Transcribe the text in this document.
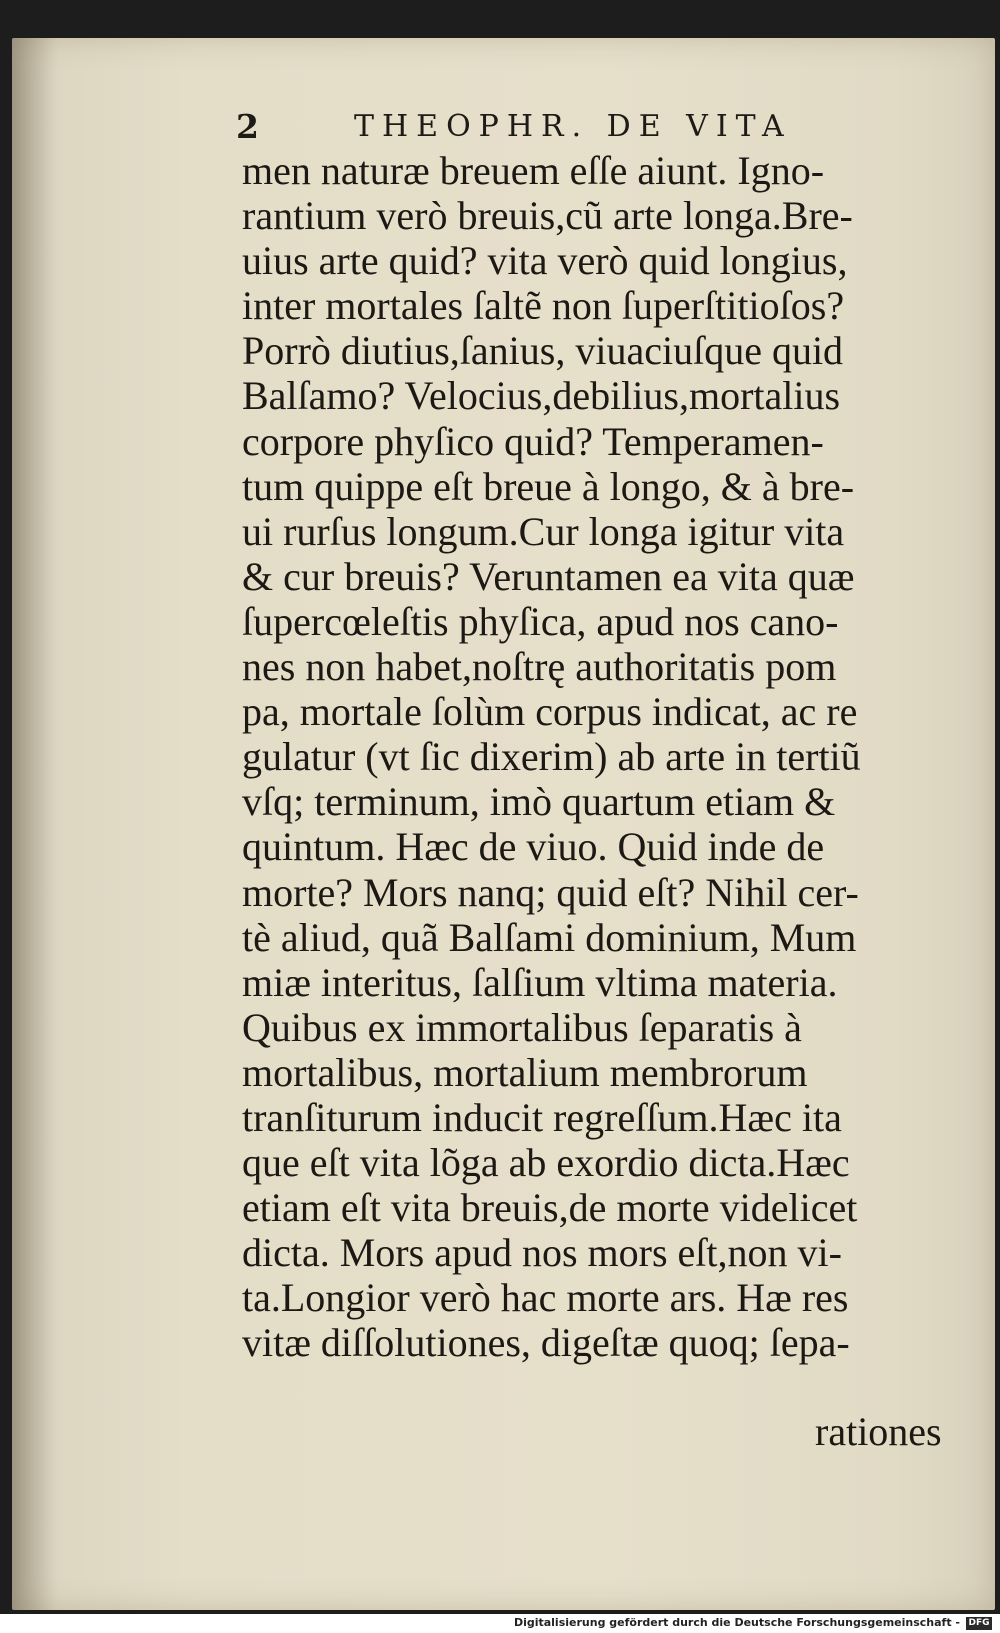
2	THEOPHR. DE VITA
men naturæ breuem eſſe aiunt. Igno-
rantium verò breuis,cũ arte longa.Bre-
uius arte quid? vita verò quid longius,
inter mortales ſaltẽ non ſuperſtitioſos?
Porrò diutius,ſanius, viuaciuſque quid
Balſamo? Velocius,debilius,mortalius
corpore phyſico quid? Temperamen-
tum quippe eſt breue à longo, & à bre-
ui rurſus longum.Cur longa igitur vita
& cur breuis? Veruntamen ea vita quæ
ſupercœleſtis phyſica, apud nos cano-
nes non habet,noſtrę authoritatis pom
pa, mortale ſolùm corpus indicat, ac re
gulatur (vt ſic dixerim) ab arte in tertiũ
vſq; terminum, imò quartum etiam &
quintum. Hæc de viuo. Quid inde de
morte? Mors nanq; quid eſt? Nihil cer-
tè aliud, quã Balſami dominium, Mum
miæ interitus, ſalſium vltima materia.
Quibus ex immortalibus ſeparatis à
mortalibus, mortalium membrorum
tranſiturum inducit regreſſum.Hæc ita
que eſt vita lõga ab exordio dicta.Hæc
etiam eſt vita breuis,de morte videlicet
dicta. Mors apud nos mors eſt,non vi-
ta.Longior verò hac morte ars. Hæ res
vitæ diſſolutiones, digeſtæ quoq; ſepa-
rationes
Digitalisierung gefördert durch die Deutsche Forschungsgemeinschaft - DFG
